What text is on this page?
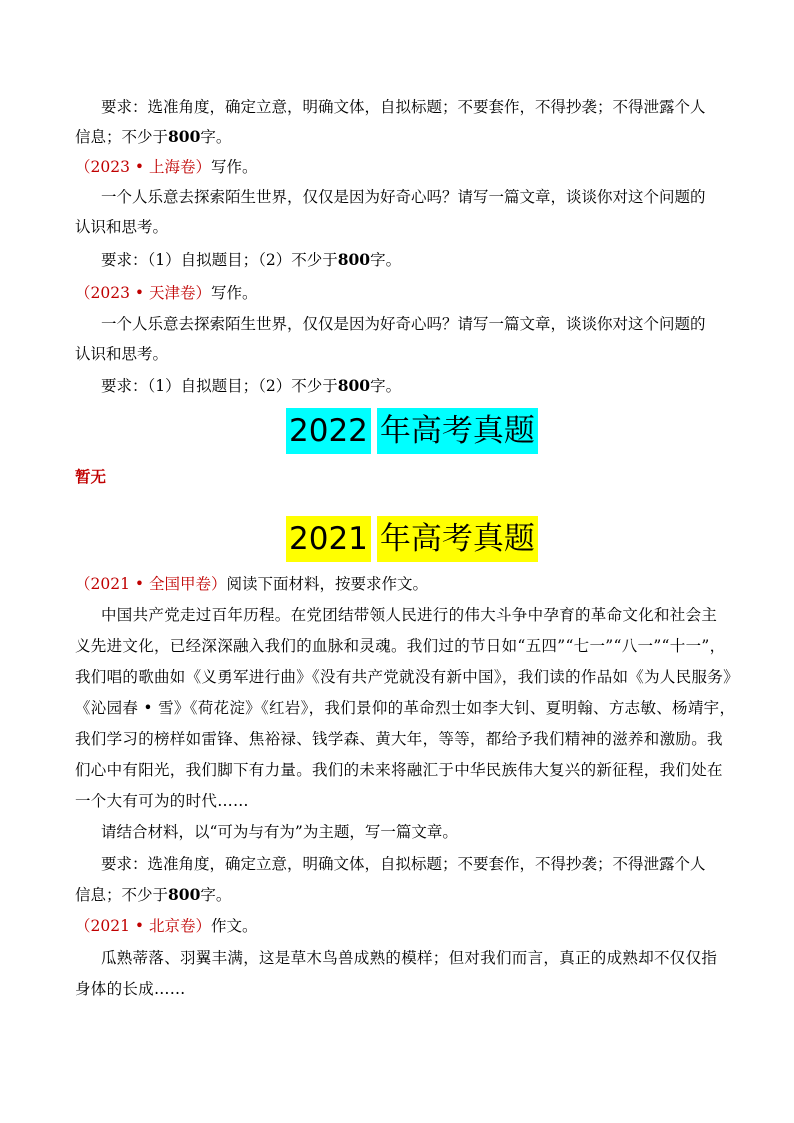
要求：选准角度，确定立意，明确文体，自拟标题；不要套作，不得抄袭；不得泄露个人
信息；不少于800字。
（2023 • 上海卷）写作。
一个人乐意去探索陌生世界，仅仅是因为好奇心吗？请写一篇文章，谈谈你对这个问题的
认识和思考。
要求：（1）自拟题目；（2）不少于800字。
（2023 • 天津卷）写作。
一个人乐意去探索陌生世界，仅仅是因为好奇心吗？请写一篇文章，谈谈你对这个问题的
认识和思考。
要求：（1）自拟题目；（2）不少于800字。
2022 年高考真题
暂无
2021 年高考真题
（2021 • 全国甲卷）阅读下面材料，按要求作文。
中国共产党走过百年历程。在党团结带领人民进行的伟大斗争中孕育的革命文化和社会主
义先进文化，已经深深融入我们的血脉和灵魂。我们过的节日如“五四”“七一”“八一”“十一”，
我们唱的歌曲如《义勇军进行曲》《没有共产党就没有新中国》，我们读的作品如《为人民服务》
《沁园春 • 雪》《荷花淀》《红岩》，我们景仰的革命烈士如李大钊、夏明翰、方志敏、杨靖宇，
我们学习的榜样如雷锋、焦裕禄、钱学森、黄大年，等等，都给予我们精神的滋养和激励。我
们心中有阳光，我们脚下有力量。我们的未来将融汇于中华民族伟大复兴的新征程，我们处在
一个大有可为的时代……
请结合材料，以“可为与有为”为主题，写一篇文章。
要求：选准角度，确定立意，明确文体，自拟标题；不要套作，不得抄袭；不得泄露个人
信息；不少于800字。
（2021 • 北京卷）作文。
瓜熟蒂落、羽翼丰满，这是草木鸟兽成熟的模样；但对我们而言，真正的成熟却不仅仅指
身体的长成……
